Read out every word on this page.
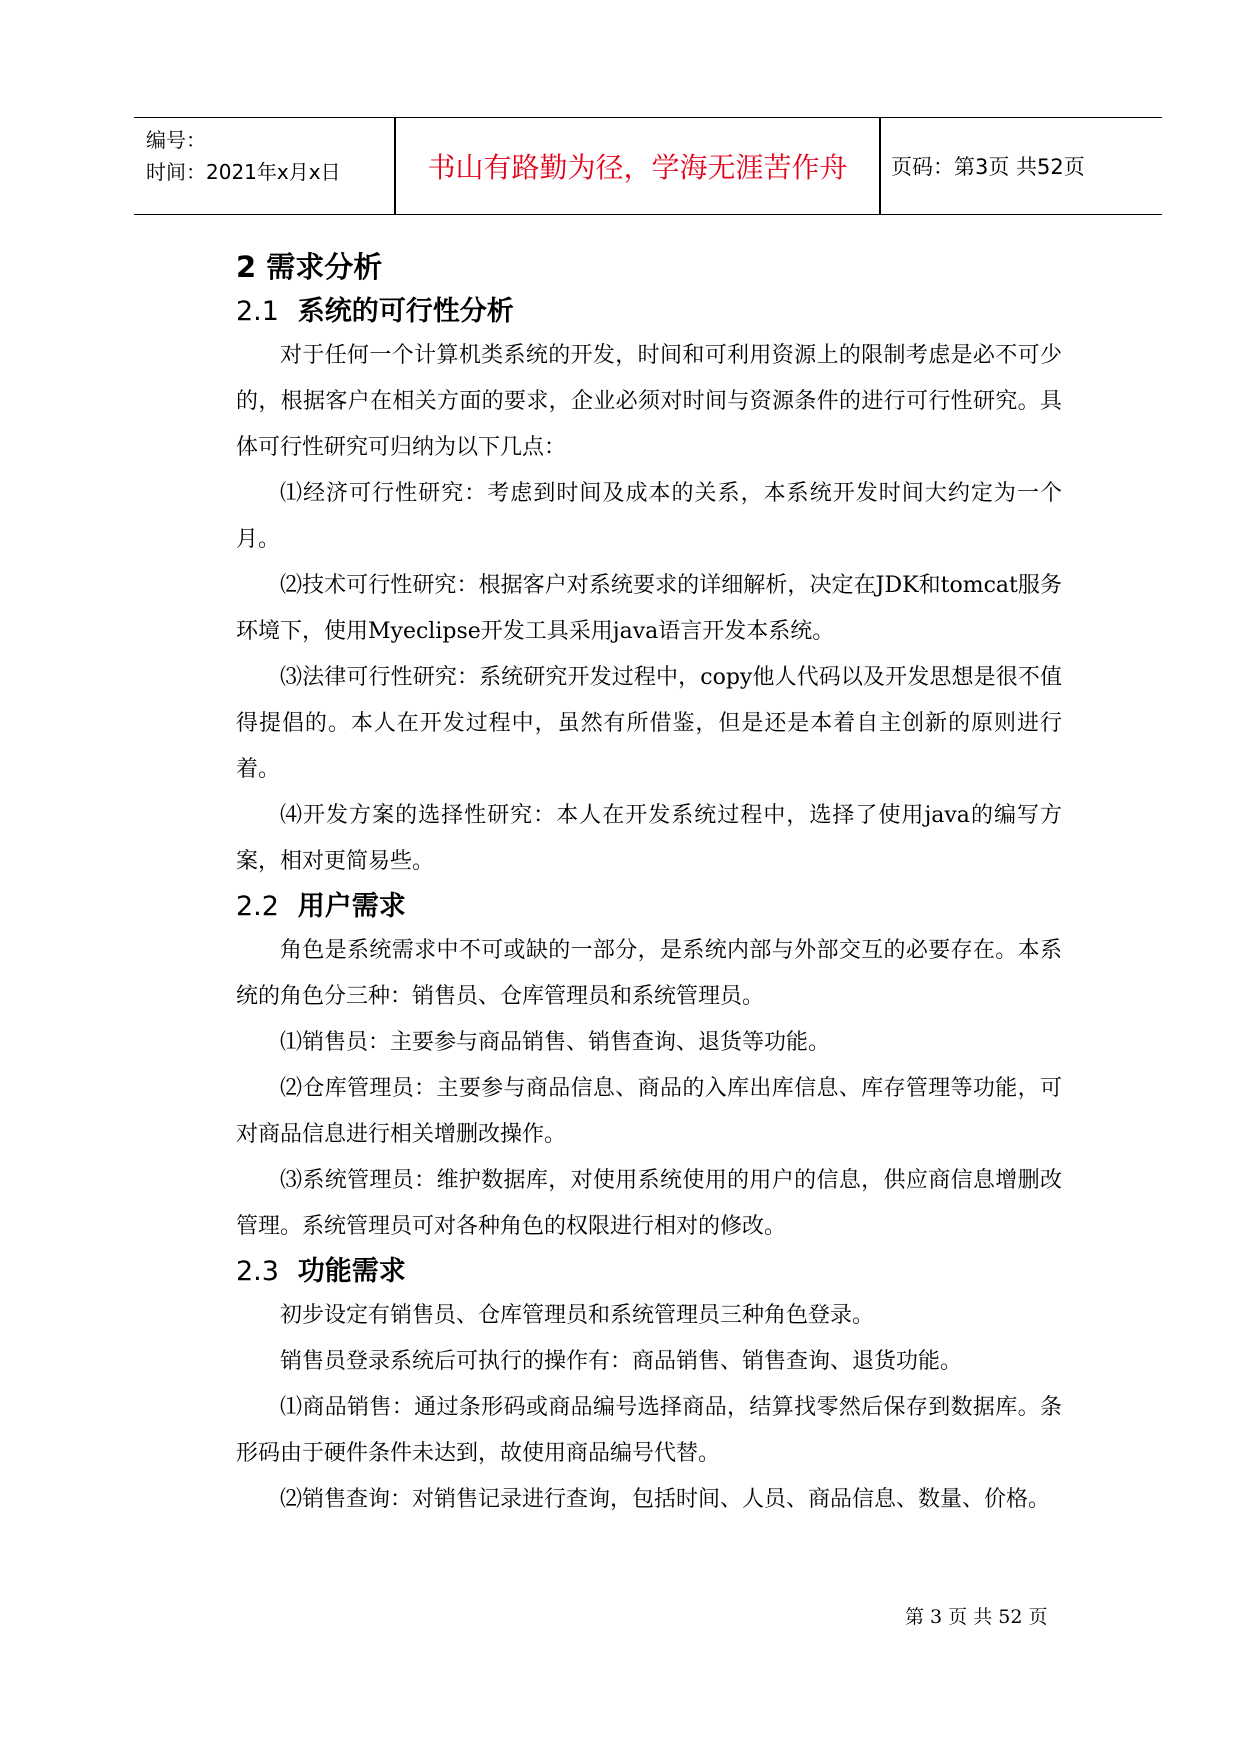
编号：
时间：2021年x月x日	书山有路勤为径，学海无涯苦作舟	页码：第3页 共52页
2 需求分析
2.1 系统的可行性分析
对于任何一个计算机类系统的开发，时间和可利用资源上的限制考虑是必不可少的，根据客户在相关方面的要求，企业必须对时间与资源条件的进行可行性研究。具体可行性研究可归纳为以下几点：
⑴经济可行性研究：考虑到时间及成本的关系，本系统开发时间大约定为一个月。
⑵技术可行性研究：根据客户对系统要求的详细解析，决定在JDK和tomcat服务环境下，使用Myeclipse开发工具采用java语言开发本系统。
⑶法律可行性研究：系统研究开发过程中，copy他人代码以及开发思想是很不值得提倡的。本人在开发过程中，虽然有所借鉴，但是还是本着自主创新的原则进行着。
⑷开发方案的选择性研究：本人在开发系统过程中，选择了使用java的编写方案，相对更简易些。
2.2 用户需求
角色是系统需求中不可或缺的一部分，是系统内部与外部交互的必要存在。本系统的角色分三种：销售员、仓库管理员和系统管理员。
⑴销售员：主要参与商品销售、销售查询、退货等功能。
⑵仓库管理员：主要参与商品信息、商品的入库出库信息、库存管理等功能，可对商品信息进行相关增删改操作。
⑶系统管理员：维护数据库，对使用系统使用的用户的信息，供应商信息增删改管理。系统管理员可对各种角色的权限进行相对的修改。
2.3 功能需求
初步设定有销售员、仓库管理员和系统管理员三种角色登录。
销售员登录系统后可执行的操作有：商品销售、销售查询、退货功能。
⑴商品销售：通过条形码或商品编号选择商品，结算找零然后保存到数据库。条形码由于硬件条件未达到，故使用商品编号代替。
⑵销售查询：对销售记录进行查询，包括时间、人员、商品信息、数量、价格。
第 3 页 共 52 页
